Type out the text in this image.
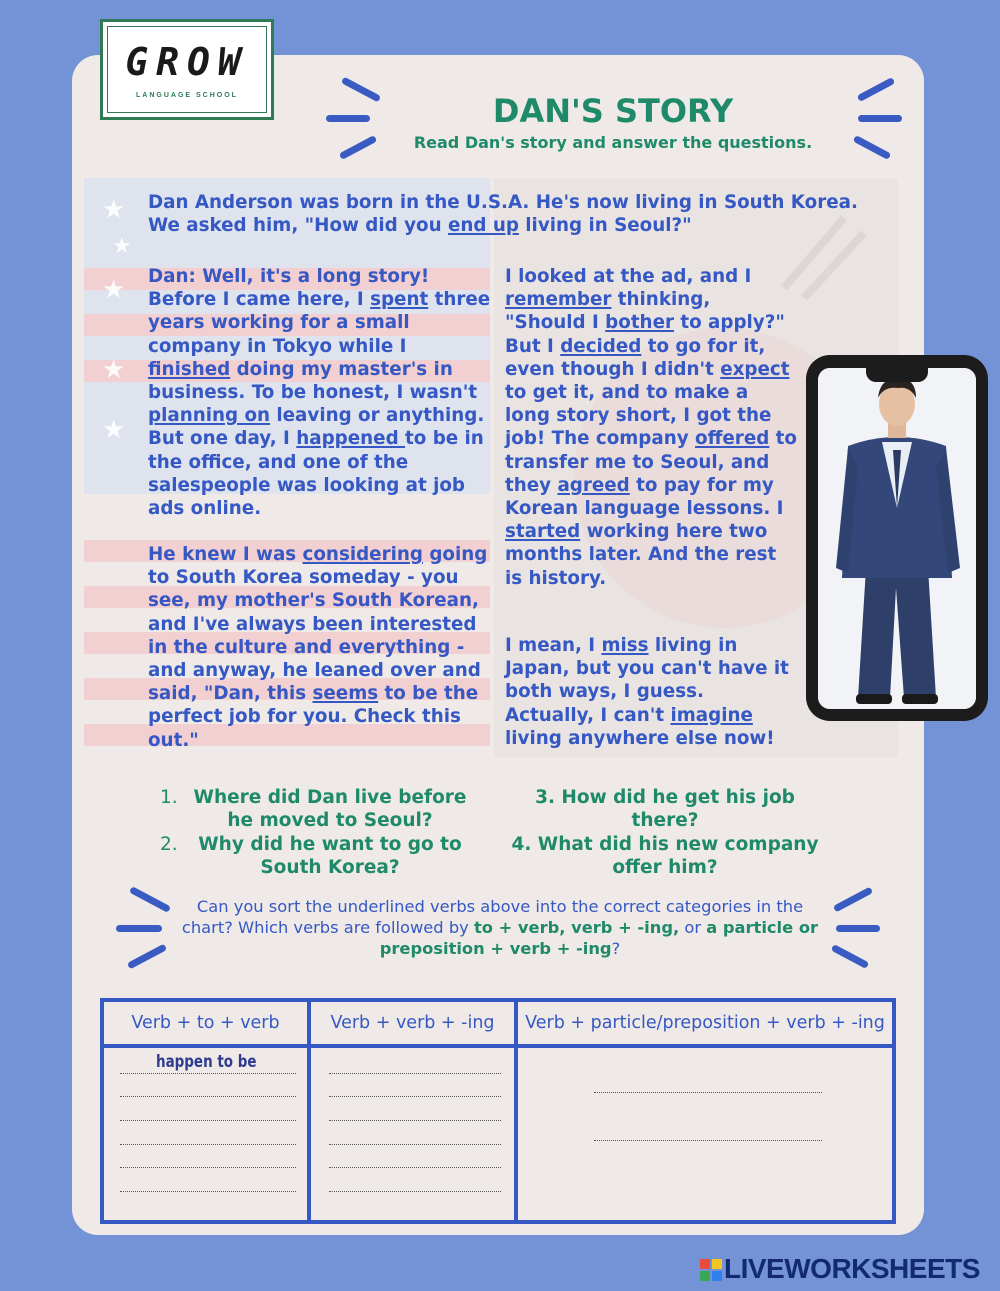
GROW
LANGUAGE SCHOOL	DAN'S STORY
Read Dan's story and answer the questions.
★
★
★
★
★

Dan Anderson was born in the U.S.A. He's now living in South Korea. We asked him, "How did you end up living in Seoul?"

Dan: Well, it's a long story! Before I came here, I spent three years working for a small company in Tokyo while I finished doing my master's in business. To be honest, I wasn't planning on leaving or anything. But one day, I happened to be in the office, and one of the salespeople was looking at job ads online.

He knew I was considering going to South Korea someday - you see, my mother's South Korean, and I've always been interested in the culture and everything - and anyway, he leaned over and said, "Dan, this seems to be the perfect job for you. Check this out."

I looked at the ad, and I remember thinking, "Should I bother to apply?" But I decided to go for it, even though I didn't expect to get it, and to make a long story short, I got the job! The company offered to transfer me to Seoul, and they agreed to pay for my Korean language lessons. I started working here two months later. And the rest is history.

I mean, I miss living in Japan, but you can't have it both ways, I guess. Actually, I can't imagine living anywhere else now!

1. Where did Dan live before he moved to Seoul?
2.	Why did he want to go to South Korea?
3. How did he get his job there?
4. What did his new company offer him?

Can you sort the underlined verbs above into the correct categories in the chart? Which verbs are followed by to + verb, verb + -ing, or a particle or preposition + verb + -ing?

Verb + to + verb	Verb + verb + -ing	Verb + particle/preposition + verb + -ing

happen to be		

LIVEWORKSHEETS
